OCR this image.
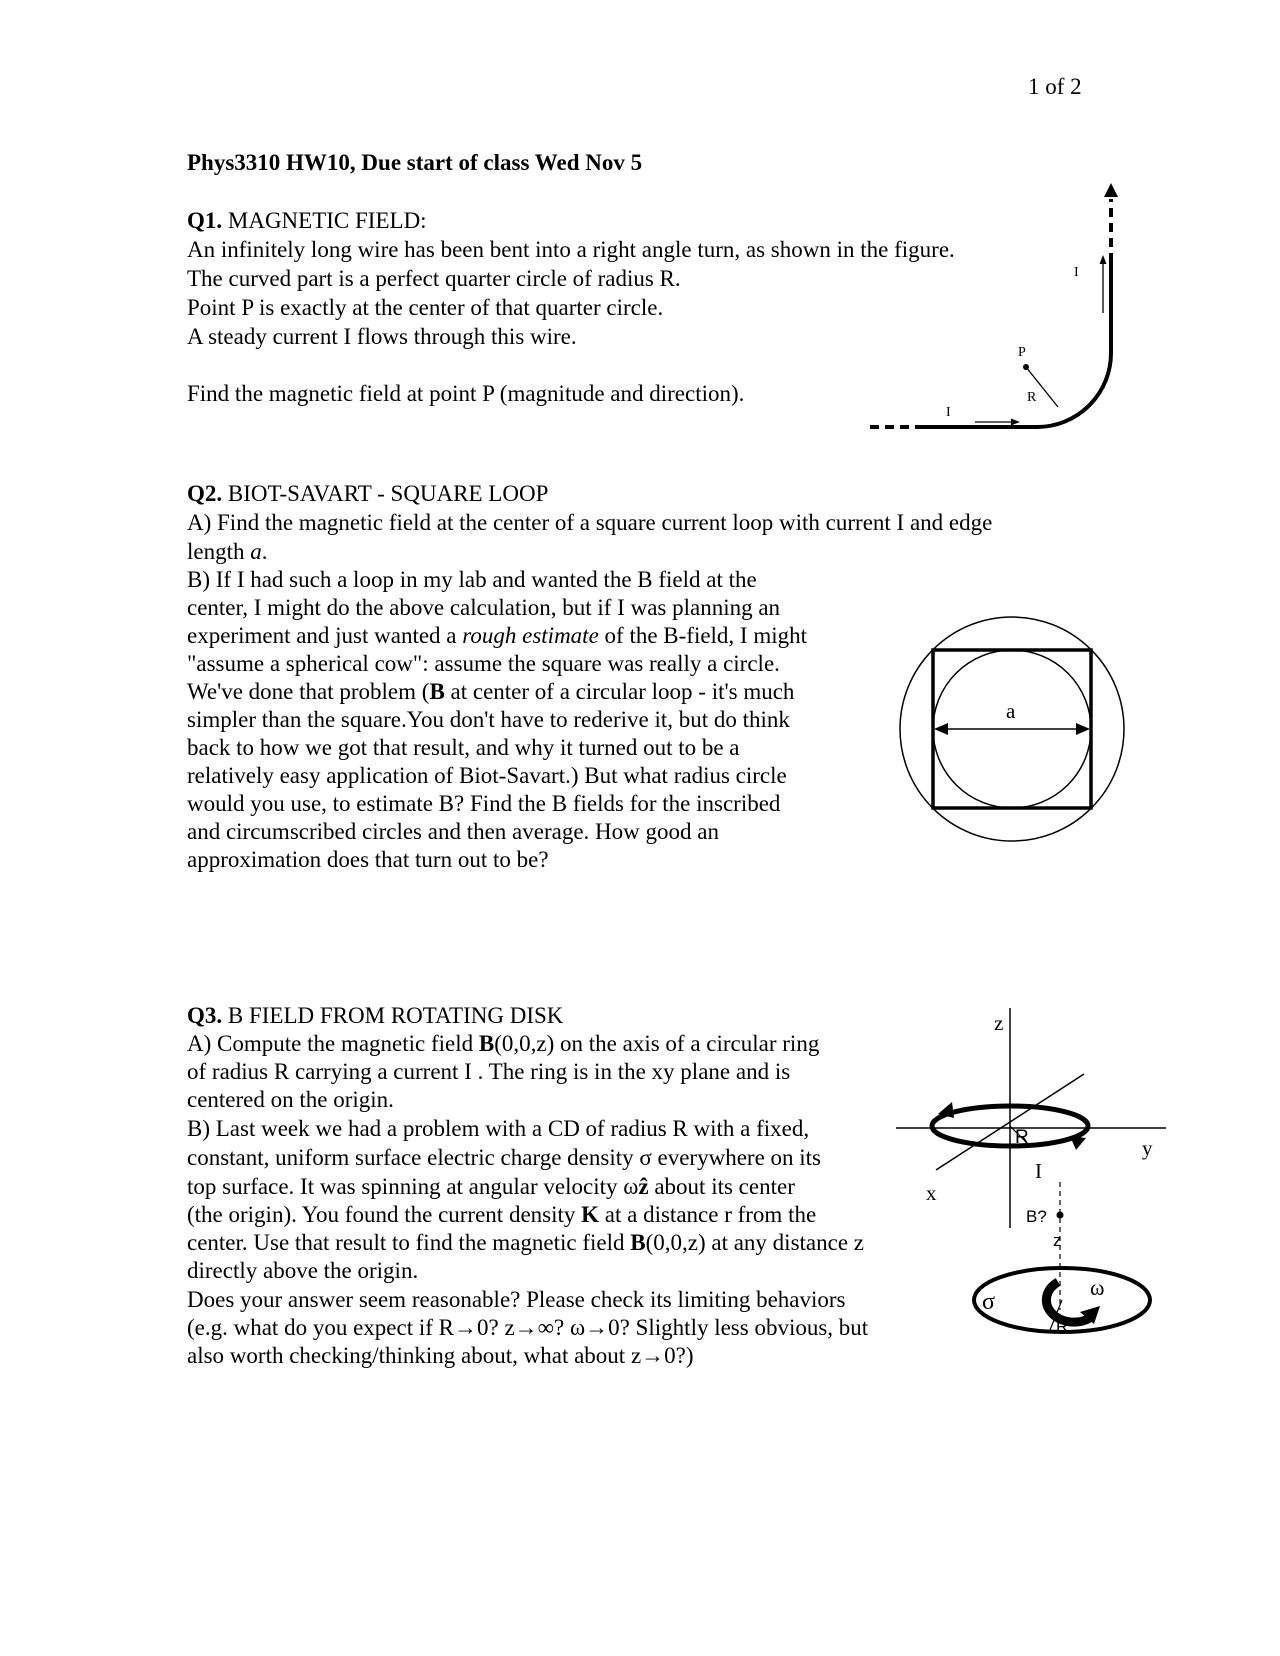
1 of 2
Phys3310 HW10, Due start of class Wed Nov 5
Q1. MAGNETIC FIELD:
An infinitely long wire has been bent into a right angle turn, as shown in the figure.
The curved part is a perfect quarter circle of radius R.
Point P is exactly at the center of that quarter circle.
A steady current I flows through this wire.
Find the magnetic field at point P (magnitude and direction).
I
I
P
R
Q2. BIOT-SAVART - SQUARE LOOP
A) Find the magnetic field at the center of a square current loop with current I and edge
length a.
B) If I had such a loop in my lab and wanted the B field at the
center, I might do the above calculation, but if I was planning an
experiment and just wanted a rough estimate of the B-field, I might
"assume a spherical cow": assume the square was really a circle.
We've done that problem (B at center of a circular loop - it's much
simpler than the square.You don't have to rederive it, but do think
back to how we got that result, and why it turned out to be a
relatively easy application of Biot-Savart.) But what radius circle
would you use, to estimate B? Find the B fields for the inscribed
and circumscribed circles and then average. How good an
approximation does that turn out to be?
a
Q3. B FIELD FROM ROTATING DISK
A) Compute the magnetic field B(0,0,z) on the axis of a circular ring
of radius R carrying a current I . The ring is in the xy plane and is
centered on the origin.
B) Last week we had a problem with a CD of radius R with a fixed,
constant, uniform surface electric charge density σ everywhere on its
top surface. It was spinning at angular velocity ωẑ about its center
(the origin). You found the current density K at a distance r from the
center. Use that result to find the magnetic field B(0,0,z) at any distance z
directly above the origin.
Does your answer seem reasonable? Please check its limiting behaviors
(e.g. what do you expect if R→0? z→∞? ω→0? Slightly less obvious, but
also worth checking/thinking about, what about z→0?)
z
y
x
R
I
B?
z
σ
ω
R
